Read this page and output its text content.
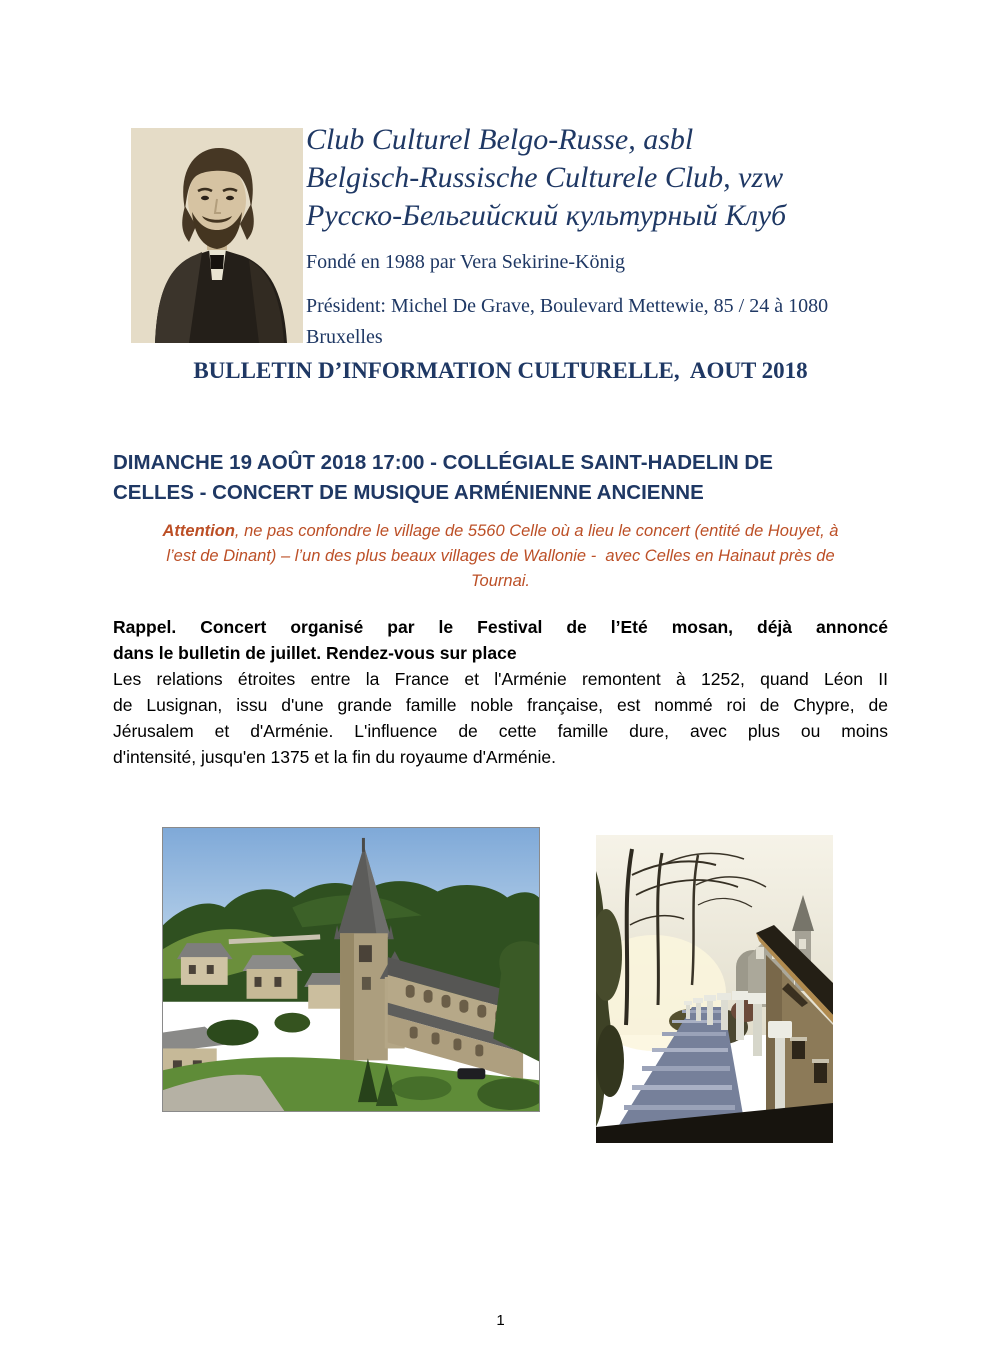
Club Culturel Belgo-Russe, asbl
Belgisch-Russische Culturele Club, vzw
Русско-Бельгийский культурный Клуб
Fondé en 1988 par Vera Sekirine-König
Président: Michel De Grave, Boulevard Mettewie, 85 / 24 à 1080 Bruxelles
BULLETIN D’INFORMATION CULTURELLE,  AOUT 2018
DIMANCHE 19 AOÛT 2018 17:00 - COLLÉGIALE SAINT-HADELIN DE
CELLES - CONCERT DE MUSIQUE ARMÉNIENNE ANCIENNE
Attention, ne pas confondre le village de 5560 Celle où a lieu le concert (entité de Houyet, à
l’est de Dinant) – l’un des plus beaux villages de Wallonie -  avec Celles en Hainaut près de
Tournai.
Rappel. Concert organisé par le Festival de l’Eté mosan, déjà annoncé
dans le bulletin de juillet. Rendez-vous sur place
Les relations étroites entre la France et l'Arménie remontent à 1252, quand Léon II
de Lusignan, issu d'une grande famille noble française, est nommé roi de Chypre, de
Jérusalem et d'Arménie. L'influence de cette famille dure, avec plus ou moins
d'intensité, jusqu'en 1375 et la fin du royaume d'Arménie.
1
